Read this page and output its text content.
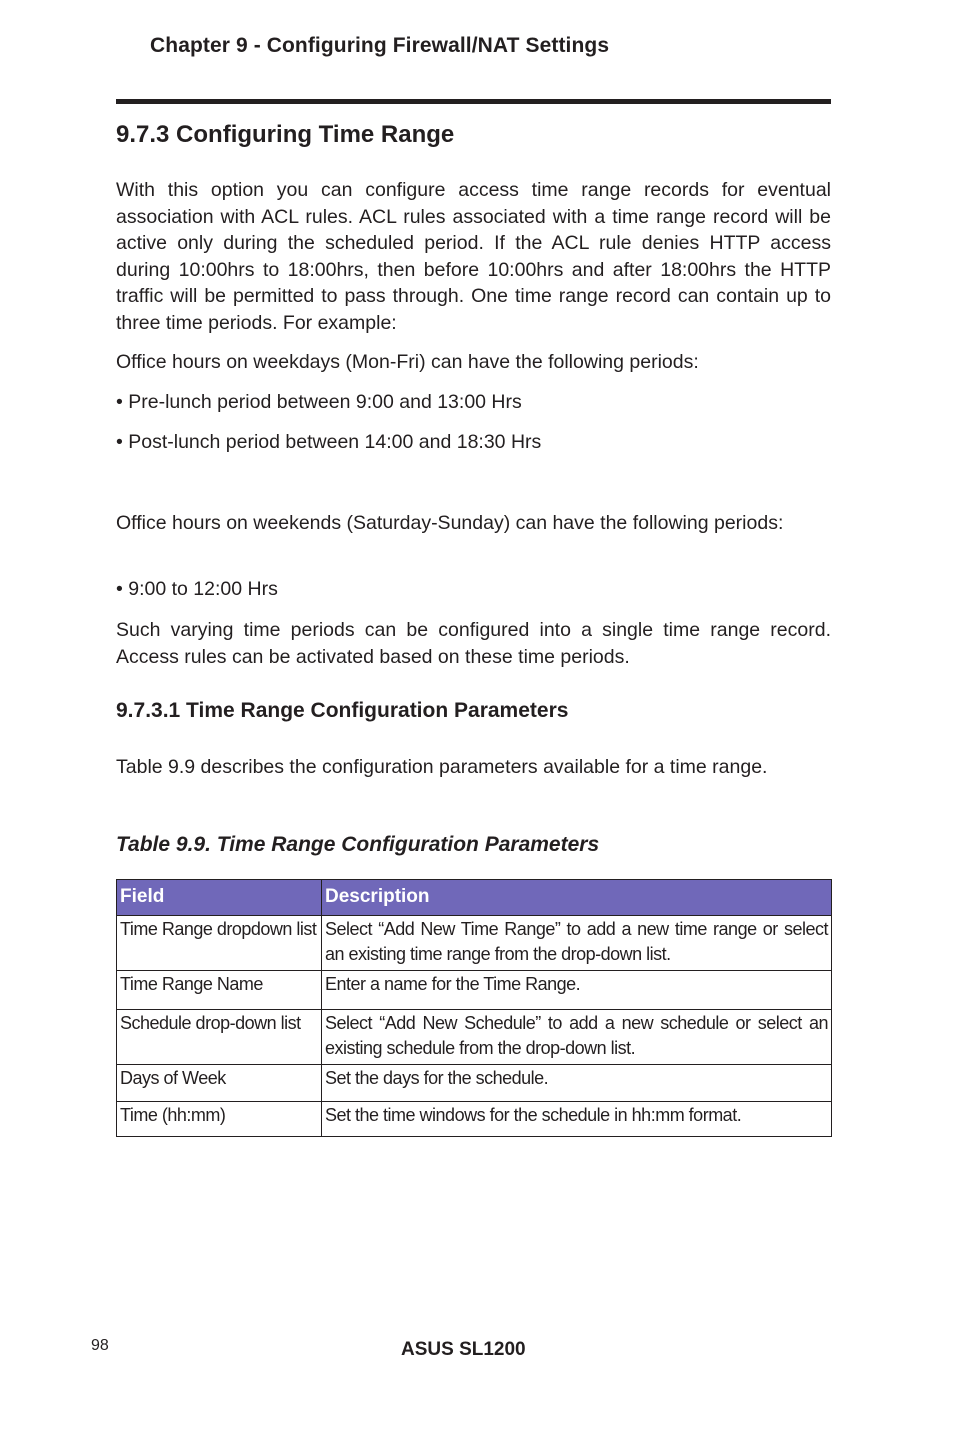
Chapter 9 - Configuring Firewall/NAT Settings
9.7.3 Configuring Time Range

With this option you can configure access time range records for eventual association with ACL rules. ACL rules associated with a time range record will be active only during the scheduled period. If the ACL rule denies HTTP access during 10:00hrs to 18:00hrs, then before 10:00hrs and after 18:00hrs the HTTP traffic will be permitted to pass through. One time range record can contain up to three time periods. For example:

Office hours on weekdays (Mon-Fri) can have the following periods:

• Pre-lunch period between 9:00 and 13:00 Hrs
• Post-lunch period between 14:00 and 18:30 Hrs

Office hours on weekends (Saturday-Sunday) can have the following periods:

• 9:00 to 12:00 Hrs

Such varying time periods can be configured into a single time range record. Access rules can be activated based on these time periods.

9.7.3.1 Time Range Configuration Parameters

Table 9.9 describes the configuration parameters available for a time range.

Table 9.9. Time Range Configuration Parameters
Field	Description
Time Range dropdown list	Select “Add New Time Range” to add a new time range or select an existing time range from the drop-down list.
Time Range Name	Enter a name for the Time Range.
Schedule drop-down list	Select “Add New Schedule” to add a new schedule or select an existing schedule from the drop-down list.
Days of Week	Set the days for the schedule.
Time (hh:mm)	Set the time windows for the schedule in hh:mm format.
98	ASUS SL1200
